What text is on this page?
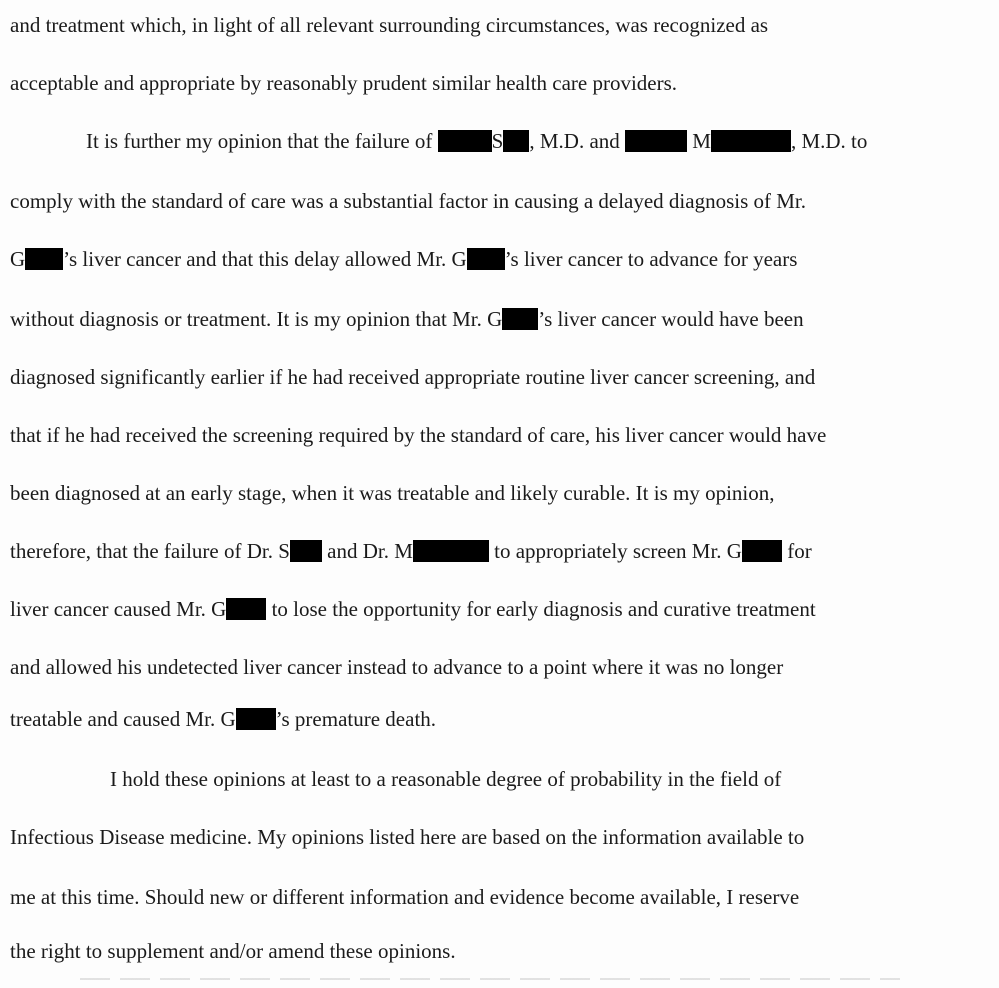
and treatment which, in light of all relevant surrounding circumstances, was recognized as
acceptable and appropriate by reasonably prudent similar health care providers.
It is further my opinion that the failure of	S , M.D. and	M	, M.D. to
comply with the standard of care was a substantial factor in causing a delayed diagnosis of Mr.
G ’s liver cancer and that this delay allowed Mr. G ’s liver cancer to advance for years
without diagnosis or treatment. It is my opinion that Mr. G ’s liver cancer would have been
diagnosed significantly earlier if he had received appropriate routine liver cancer screening, and
that if he had received the screening required by the standard of care, his liver cancer would have
been diagnosed at an early stage, when it was treatable and likely curable. It is my opinion,
therefore, that the failure of Dr. S and Dr. M	to appropriately screen Mr. G for
liver cancer caused Mr. G to lose the opportunity for early diagnosis and curative treatment
and allowed his undetected liver cancer instead to advance to a point where it was no longer
treatable and caused Mr. G ’s premature death.
I hold these opinions at least to a reasonable degree of probability in the field of
Infectious Disease medicine. My opinions listed here are based on the information available to
me at this time. Should new or different information and evidence become available, I reserve
the right to supplement and/or amend these opinions.
